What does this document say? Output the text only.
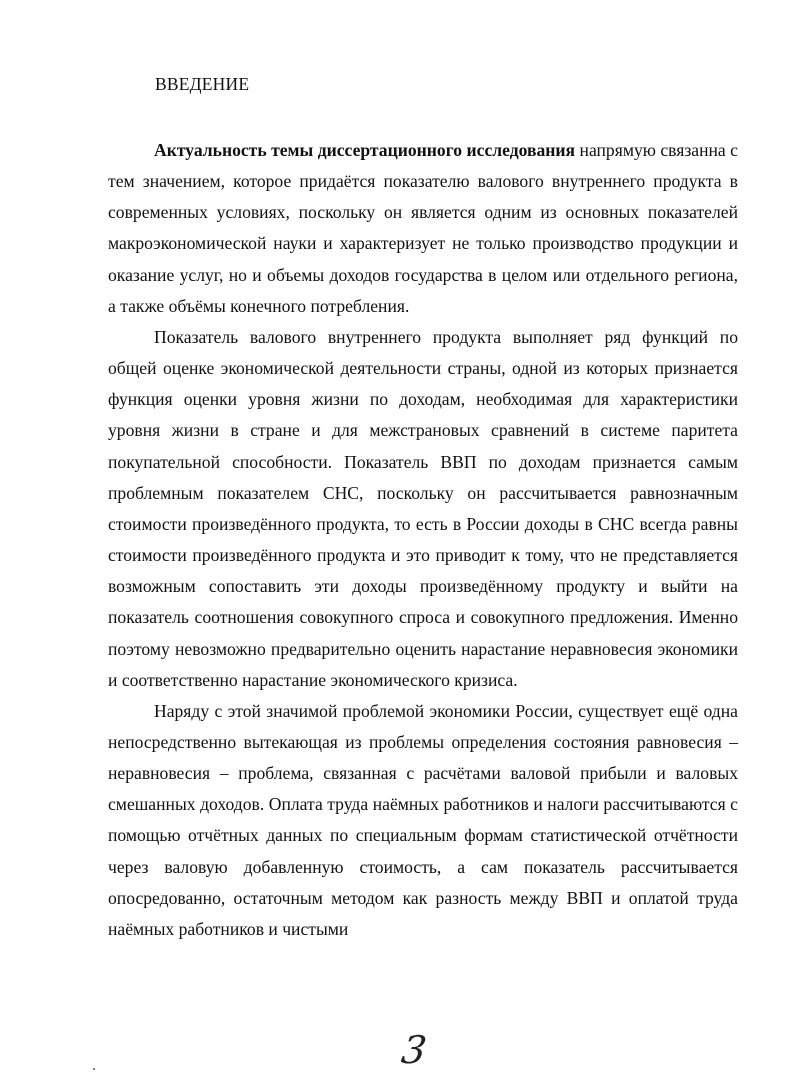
ВВЕДЕНИЕ

Актуальность темы диссертационного исследования напрямую связанна с тем значением, которое придаётся показателю валового внутреннего продукта в современных условиях, поскольку он является одним из основных показателей макроэкономической науки и характеризует не только производство продукции и оказание услуг, но и объемы доходов государства в целом или отдельного региона, а также объёмы конечного потребления.

Показатель валового внутреннего продукта выполняет ряд функций по общей оценке экономической деятельности страны, одной из которых признается функция оценки уровня жизни по доходам, необходимая для характеристики уровня жизни в стране и для межстрановых сравнений в системе паритета покупательной способности. Показатель ВВП по доходам признается самым проблемным показателем СНС, поскольку он рассчитывается равнозначным стоимости произведённого продукта, то есть в России доходы в СНС всегда равны стоимости произведённого продукта и это приводит к тому, что не представляется возможным сопоставить эти доходы произведённому продукту и выйти на показатель соотношения совокупного спроса и совокупного предложения. Именно поэтому невозможно предварительно оценить нарастание неравновесия экономики и соответственно нарастание экономического кризиса.

Наряду с этой значимой проблемой экономики России, существует ещё одна непосредственно вытекающая из проблемы определения состояния равновесия – неравновесия – проблема, связанная с расчётами валовой прибыли и валовых смешанных доходов. Оплата труда наёмных работников и налоги рассчитываются с помощью отчётных данных по специальным формам статистической отчётности через валовую добавленную стоимость, а сам показатель рассчитывается опосредованно, остаточным методом как разность между ВВП и оплатой труда наёмных работников и чистыми

3
